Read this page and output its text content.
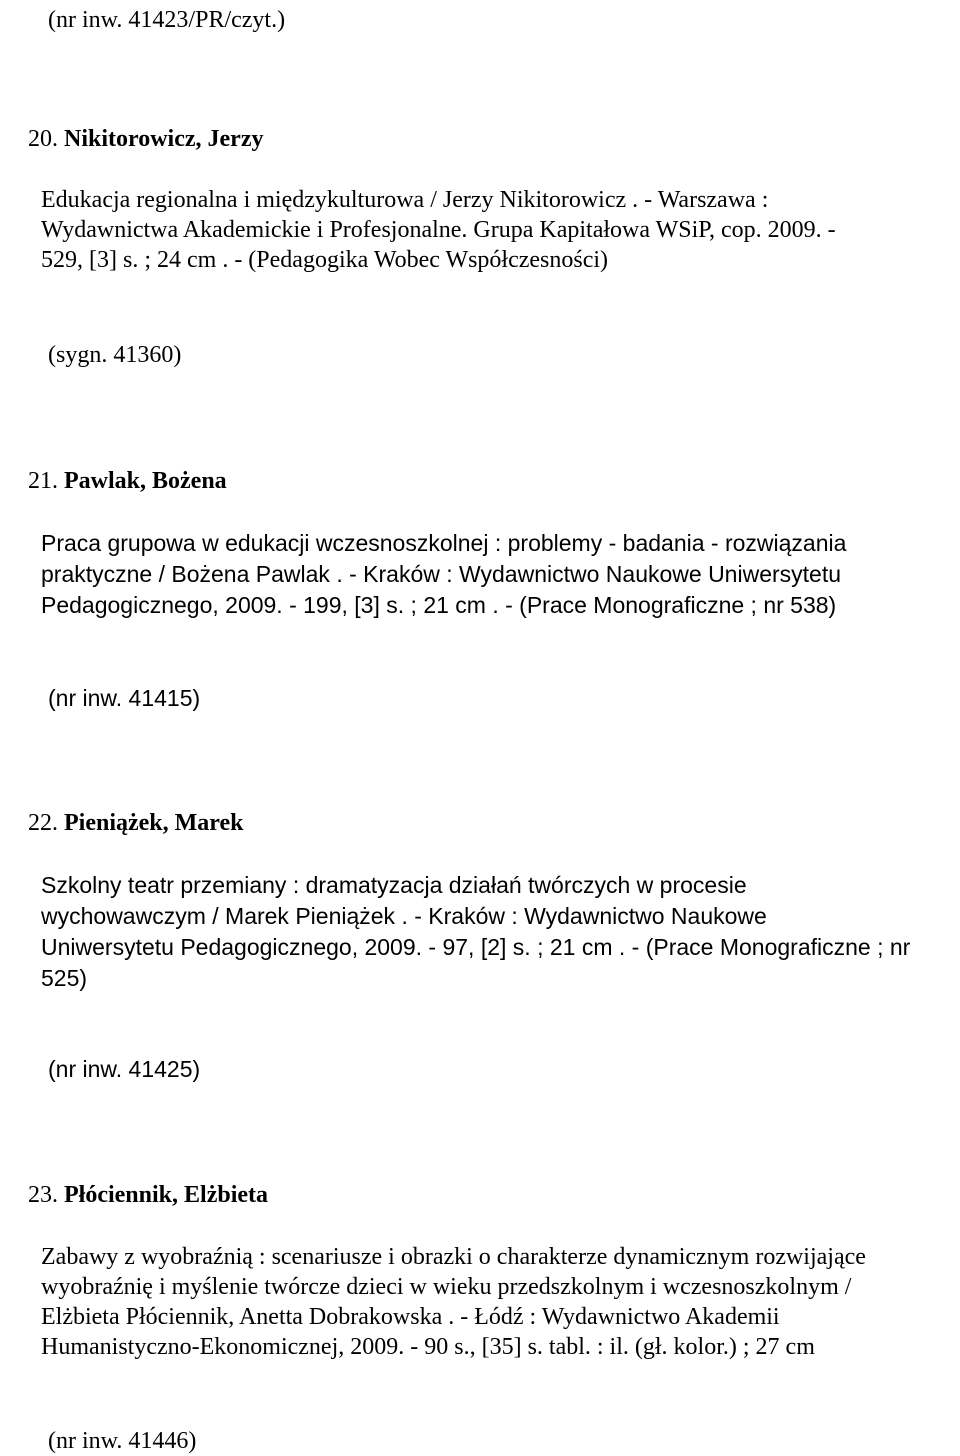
(nr inw. 41423/PR/czyt.)
20. Nikitorowicz, Jerzy
Edukacja regionalna i międzykulturowa / Jerzy Nikitorowicz . - Warszawa :
Wydawnictwa Akademickie i Profesjonalne. Grupa Kapitałowa WSiP, cop. 2009. -
529, [3] s. ; 24 cm . - (Pedagogika Wobec Współczesności)
(sygn. 41360)
21. Pawlak, Bożena
Praca grupowa w edukacji wczesnoszkolnej : problemy - badania - rozwiązania
praktyczne / Bożena Pawlak . - Kraków : Wydawnictwo Naukowe Uniwersytetu
Pedagogicznego, 2009. - 199, [3] s. ; 21 cm . - (Prace Monograficzne ; nr 538)
(nr inw. 41415)
22. Pieniążek, Marek
Szkolny teatr przemiany : dramatyzacja działań twórczych w procesie
wychowawczym / Marek Pieniążek . - Kraków : Wydawnictwo Naukowe
Uniwersytetu Pedagogicznego, 2009. - 97, [2] s. ; 21 cm . - (Prace Monograficzne ; nr
525)
(nr inw. 41425)
23. Płóciennik, Elżbieta
Zabawy z wyobraźnią : scenariusze i obrazki o charakterze dynamicznym rozwijające
wyobraźnię i myślenie twórcze dzieci w wieku przedszkolnym i wczesnoszkolnym /
Elżbieta Płóciennik, Anetta Dobrakowska . - Łódź : Wydawnictwo Akademii
Humanistyczno-Ekonomicznej, 2009. - 90 s., [35] s. tabl. : il. (gł. kolor.) ; 27 cm
(nr inw. 41446)
